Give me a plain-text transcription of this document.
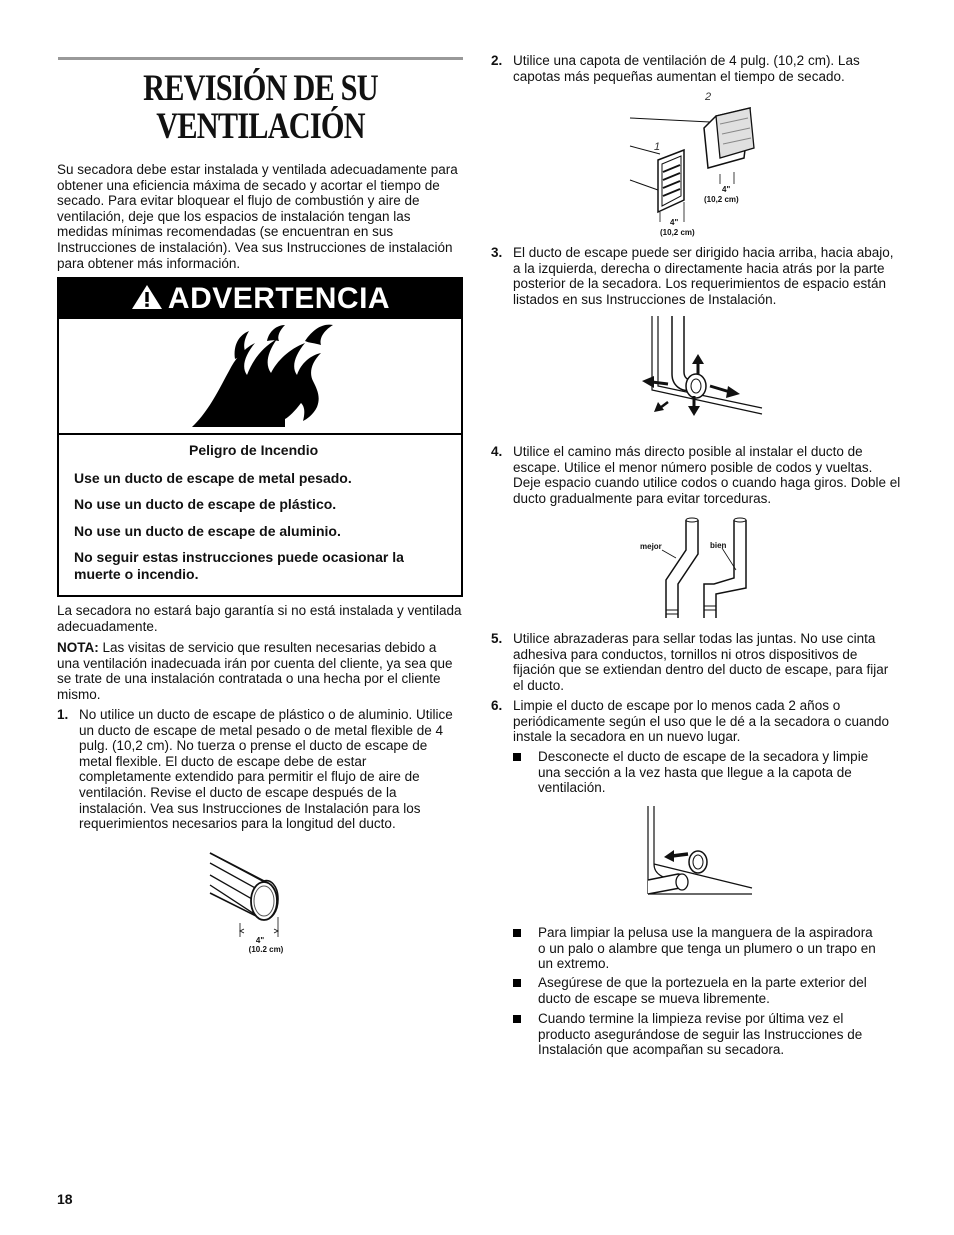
REVISIÓN DE SU VENTILACIÓN

Su secadora debe estar instalada y ventilada adecuadamente para obtener una eficiencia máxima de secado y acortar el tiempo de secado. Para evitar bloquear el flujo de combustión y aire de ventilación, deje que los espacios de instalación tengan las medidas mínimas recomendadas (se encuentran en sus Instrucciones de instalación). Vea sus Instrucciones de instalación para obtener más información.

ADVERTENCIA
Peligro de Incendio
Use un ducto de escape de metal pesado.
No use un ducto de escape de plástico.
No use un ducto de escape de aluminio.
No seguir estas instrucciones puede ocasionar la muerte o incendio.

La secadora no estará bajo garantía si no está instalada y ventilada adecuadamente.

NOTA: Las visitas de servicio que resulten necesarias debido a una ventilación inadecuada irán por cuenta del cliente, ya sea que se trate de una instalación contratada o una hecha por el cliente mismo.

1. No utilice un ducto de escape de plástico o de aluminio. Utilice un ducto de escape de metal pesado o de metal flexible de 4 pulg. (10,2 cm). No tuerza o prense el ducto de escape de metal flexible. El ducto de escape debe de estar completamente extendido para permitir el flujo de aire de ventilación. Revise el ducto de escape después de la instalación. Vea sus Instrucciones de Instalación para los requerimientos necesarios para la longitud del ducto.
4"
(10.2 cm)
18
2. Utilice una capota de ventilación de 4 pulg. (10,2 cm). Las capotas más pequeñas aumentan el tiempo de secado.
2
1
4"
(10,2 cm)
4"
(10,2 cm)
3. El ducto de escape puede ser dirigido hacia arriba, hacia abajo, a la izquierda, derecha o directamente hacia atrás por la parte posterior de la secadora. Los requerimientos de espacio están listados en sus Instrucciones de Instalación.
4. Utilice el camino más directo posible al instalar el ducto de escape. Utilice el menor número posible de codos y vueltas. Deje espacio cuando utilice codos o cuando haga giros. Doble el ducto gradualmente para evitar torceduras.
mejor	bien
5. Utilice abrazaderas para sellar todas las juntas. No use cinta adhesiva para conductos, tornillos ni otros dispositivos de fijación que se extiendan dentro del ducto de escape, para fijar el ducto.
6. Limpie el ducto de escape por lo menos cada 2 años o periódicamente según el uso que le dé a la secadora o cuando instale la secadora en un nuevo lugar.
Desconecte el ducto de escape de la secadora y limpie una sección a la vez hasta que llegue a la capota de ventilación.
Para limpiar la pelusa use la manguera de la aspiradora o un palo o alambre que tenga un plumero o un trapo en un extremo.
Asegúrese de que la portezuela en la parte exterior del ducto de escape se mueva libremente.
Cuando termine la limpieza revise por última vez el producto asegurándose de seguir las Instrucciones de Instalación que acompañan su secadora.
